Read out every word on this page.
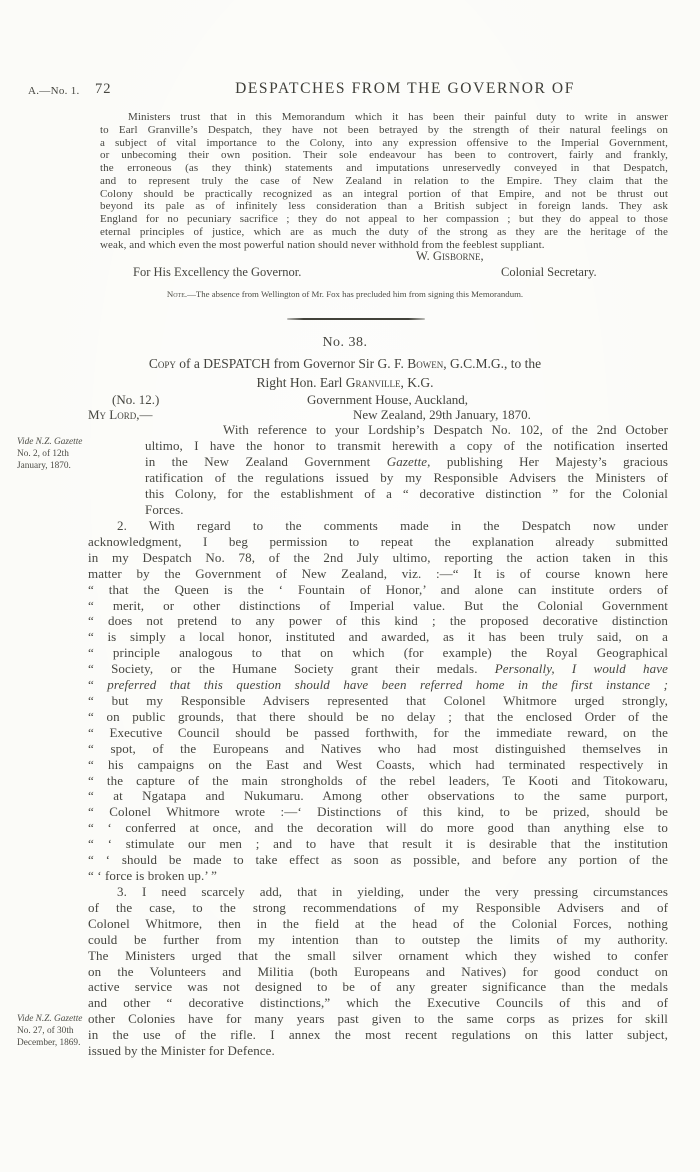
A.—No. 1. 72	DESPATCHES FROM THE GOVERNOR OF
Ministers trust that in this Memorandum which it has been their painful duty to write in answer
to Earl Granville’s Despatch, they have not been betrayed by the strength of their natural feelings on
a subject of vital importance to the Colony, into any expression offensive to the Imperial Government,
or unbecoming their own position. Their sole endeavour has been to controvert, fairly and frankly,
the erroneous (as they think) statements and imputations unreservedly conveyed in that Despatch,
and to represent truly the case of New Zealand in relation to the Empire. They claim that the
Colony should be practically recognized as an integral portion of that Empire, and not be thrust out
beyond its pale as of infinitely less consideration than a British subject in foreign lands. They ask
England for no pecuniary sacrifice ; they do not appeal to her compassion ; but they do appeal to those
eternal principles of justice, which are as much the duty of the strong as they are the heritage of the
weak, and which even the most powerful nation should never withhold from the feeblest suppliant.
W. Gisborne,
For His Excellency the Governor.	Colonial Secretary.
Note.—The absence from Wellington of Mr. Fox has precluded him from signing this Memorandum.
No. 38.
Copy of a DESPATCH from Governor Sir G. F. Bowen, G.C.M.G., to the
Right Hon. Earl Granville, K.G.
(No. 12.)	Government House, Auckland,
My Lord,—	New Zealand, 29th January, 1870.
With reference to your Lordship’s Despatch No. 102, of the 2nd October
ultimo, I have the honor to transmit herewith a copy of the notification inserted
in the New Zealand Government Gazette, publishing Her Majesty’s gracious
ratification of the regulations issued by my Responsible Advisers the Ministers of
this Colony, for the establishment of a “ decorative distinction ” for the Colonial
Forces.
2. With regard to the comments made in the Despatch now under
acknowledgment, I beg permission to repeat the explanation already submitted
in my Despatch No. 78, of the 2nd July ultimo, reporting the action taken in this
matter by the Government of New Zealand, viz. :—“ It is of course known here
“ that the Queen is the ‘ Fountain of Honor,’ and alone can institute orders of
“ merit, or other distinctions of Imperial value. But the Colonial Government
“ does not pretend to any power of this kind ; the proposed decorative distinction
“ is simply a local honor, instituted and awarded, as it has been truly said, on a
“ principle analogous to that on which (for example) the Royal Geographical
“ Society, or the Humane Society grant their medals. Personally, I would have
“ preferred that this question should have been referred home in the first instance ;
“ but my Responsible Advisers represented that Colonel Whitmore urged strongly,
“ on public grounds, that there should be no delay ; that the enclosed Order of the
“ Executive Council should be passed forthwith, for the immediate reward, on the
“ spot, of the Europeans and Natives who had most distinguished themselves in
“ his campaigns on the East and West Coasts, which had terminated respectively in
“ the capture of the main strongholds of the rebel leaders, Te Kooti and Titokowaru,
“ at Ngatapa and Nukumaru. Among other observations to the same purport,
“ Colonel Whitmore wrote :—‘ Distinctions of this kind, to be prized, should be
“ ‘ conferred at once, and the decoration will do more good than anything else to
“ ‘ stimulate our men ; and to have that result it is desirable that the institution
“ ‘ should be made to take effect as soon as possible, and before any portion of the
“ ‘ force is broken up.’ ”
3. I need scarcely add, that in yielding, under the very pressing circumstances
of the case, to the strong recommendations of my Responsible Advisers and of
Colonel Whitmore, then in the field at the head of the Colonial Forces, nothing
could be further from my intention than to outstep the limits of my authority.
The Ministers urged that the small silver ornament which they wished to confer
on the Volunteers and Militia (both Europeans and Natives) for good conduct on
active service was not designed to be of any greater significance than the medals
and other “ decorative distinctions,” which the Executive Councils of this and of
other Colonies have for many years past given to the same corps as prizes for skill
in the use of the rifle. I annex the most recent regulations on this latter subject,
issued by the Minister for Defence.
Vide N.Z. Gazette
No. 2, of 12th
January, 1870.
Vide N.Z. Gazette
No. 27, of 30th
December, 1869.
